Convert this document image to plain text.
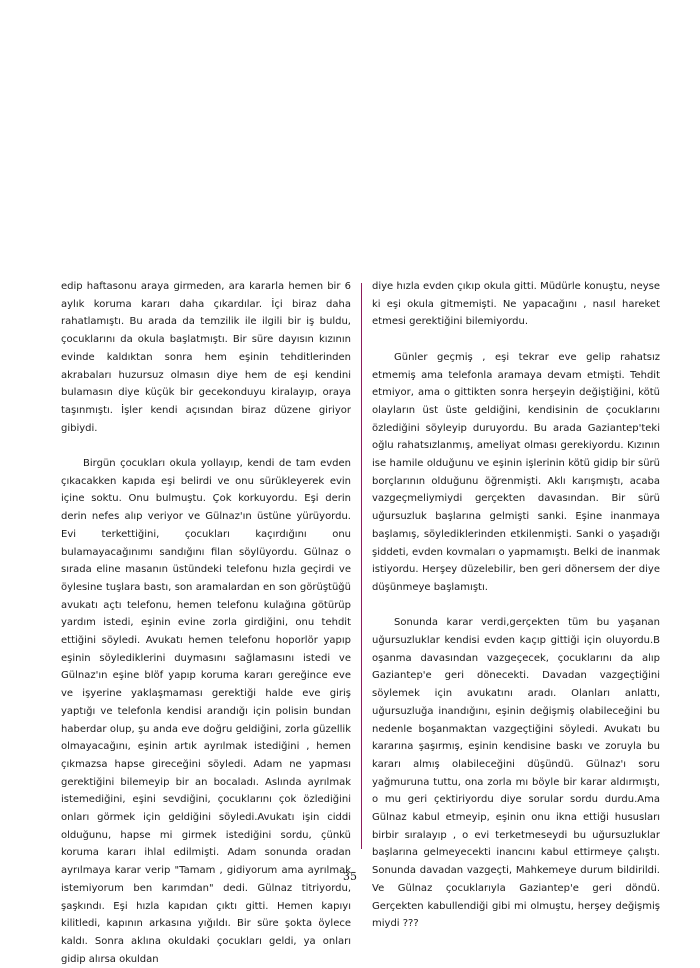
edip haftasonu araya girmeden, ara kararla hemen bir 6 aylık koruma kararı daha çıkardılar. İçi biraz daha rahatlamıştı. Bu arada da temzilik ile ilgili bir iş buldu, çocuklarını da okula başlatmıştı. Bir süre dayısın kızının evinde kaldıktan sonra hem eşinin tehditlerinden akrabaları huzursuz olmasın diye hem de eşi kendini bulamasın diye küçük bir gecekonduyu kiralayıp, oraya taşınmıştı. İşler kendi açısından biraz düzene giriyor gibiydi.

Birgün çocukları okula yollayıp, kendi de tam evden çıkacakken kapıda eşi belirdi ve onu sürükleyerek evin içine soktu. Onu bulmuştu. Çok korkuyordu. Eşi derin derin nefes alıp veriyor ve Gülnaz'ın üstüne yürüyordu. Evi terkettiğini, çocukları kaçırdığını onu bulamayacağınımı sandığını filan söylüyordu. Gülnaz o sırada eline masanın üstündeki telefonu hızla geçirdi ve öylesine tuşlara bastı, son aramalardan en son görüştüğü avukatı açtı telefonu, hemen telefonu kulağına götürüp yardım istedi, eşinin evine zorla girdiğini, onu tehdit ettiğini söyledi. Avukatı hemen telefonu hoporlör yapıp eşinin söylediklerini duymasını sağlamasını istedi ve Gülnaz'ın eşine blöf yapıp koruma kararı gereğince eve ve işyerine yaklaşmaması gerektiği halde eve giriş yaptığı ve telefonla kendisi arandığı için polisin bundan haberdar olup, şu anda eve doğru geldiğini, zorla güzellik olmayacağını, eşinin artık ayrılmak istediğini , hemen çıkmazsa hapse gireceğini söyledi. Adam ne yapması gerektiğini bilemeyip bir an bocaladı. Aslında ayrılmak istemediğini, eşini sevdiğini, çocuklarını çok özlediğini onları görmek için geldiğini söyledi.Avukatı işin ciddi olduğunu, hapse mi girmek istediğini sordu, çünkü koruma kararı ihlal edilmişti. Adam sonunda oradan ayrılmaya karar verip "Tamam , gidiyorum ama ayrılmak istemiyorum ben karımdan" dedi. Gülnaz titriyordu, şaşkındı. Eşi hızla kapıdan çıktı gitti. Hemen kapıyı kilitledi, kapının arkasına yığıldı. Bir süre şokta öylece kaldı. Sonra aklına okuldaki çocukları geldi, ya onları gidip alırsa okuldan

diye hızla evden çıkıp okula gitti. Müdürle konuştu, neyse ki eşi okula gitmemişti. Ne yapacağını , nasıl hareket etmesi gerektiğini bilemiyordu.

Günler geçmiş , eşi tekrar eve gelip rahatsız etmemiş ama telefonla aramaya devam etmişti. Tehdit etmiyor, ama o gittikten sonra herşeyin değiştiğini, kötü olayların üst üste geldiğini, kendisinin de çocuklarını özlediğini söyleyip duruyordu. Bu arada Gaziantep'teki oğlu rahatsızlanmış, ameliyat olması gerekiyordu. Kızının ise hamile olduğunu ve eşinin işlerinin kötü gidip bir sürü borçlarının olduğunu öğrenmişti. Aklı karışmıştı, acaba vazgeçmeliymiydi gerçekten davasından. Bir sürü uğursuzluk başlarına gelmişti sanki. Eşine inanmaya başlamış, söylediklerinden etkilenmişti. Sanki o yaşadığı şiddeti, evden kovmaları o yapmamıştı. Belki de inanmak istiyordu. Herşey düzelebilir, ben geri dönersem der diye düşünmeye başlamıştı.

Sonunda karar verdi,gerçekten tüm bu yaşanan uğursuzluklar kendisi evden kaçıp gittiği için oluyordu.B oşanma davasından vazgeçecek, çocuklarını da alıp Gaziantep'e geri dönecekti. Davadan vazgeçtiğini söylemek için avukatını aradı. Olanları anlattı, uğursuzluğa inandığını, eşinin değişmiş olabileceğini bu nedenle boşanmaktan vazgeçtiğini söyledi. Avukatı bu kararına şaşırmış, eşinin kendisine baskı ve zoruyla bu kararı almış olabileceğini düşündü. Gülnaz'ı soru yağmuruna tuttu, ona zorla mı böyle bir karar aldırmıştı, o mu geri çektiriyordu diye sorular sordu durdu.Ama Gülnaz kabul etmeyip, eşinin onu ikna ettiği hususları birbir sıralayıp , o evi terketmeseydi bu uğursuzluklar başlarına gelmeyecekti inancını kabul ettirmeye çalıştı. Sonunda davadan vazgeçti, Mahkemeye durum bildirildi. Ve Gülnaz çocuklarıyla Gaziantep'e geri döndü. Gerçekten kabullendiği gibi mi olmuştu, herşey değişmiş miydi ???

35
